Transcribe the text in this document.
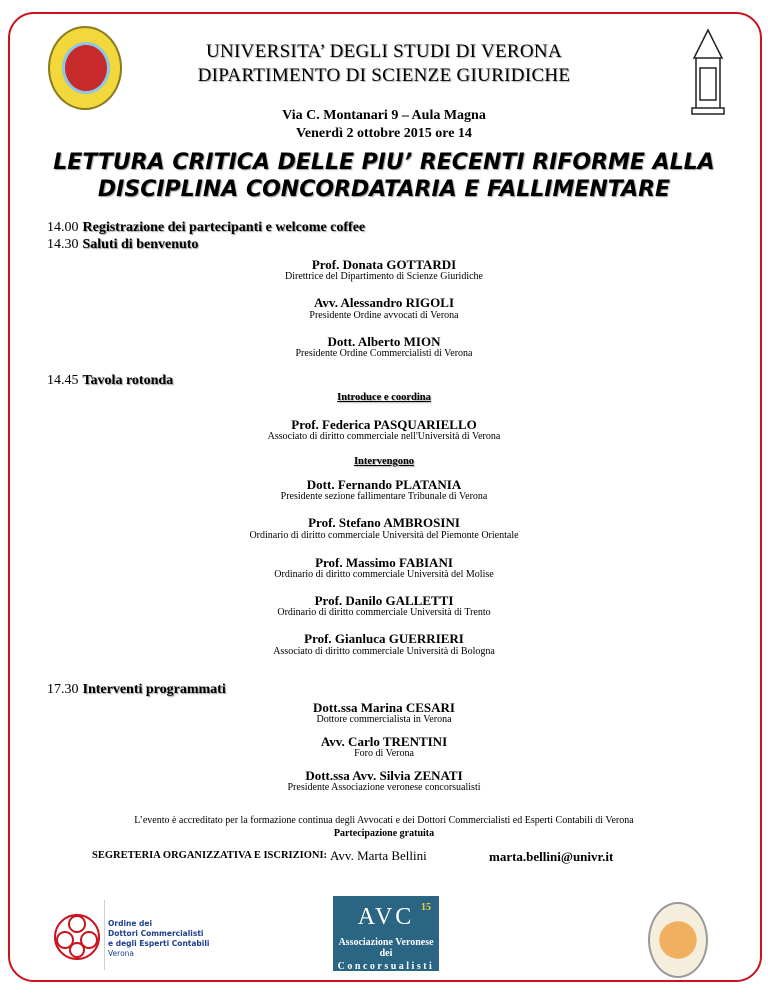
UNIVERSITA’ DEGLI STUDI DI VERONA
DIPARTIMENTO DI SCIENZE GIURIDICHE
Via C. Montanari 9 – Aula Magna
Venerdì 2 ottobre 2015 ore 14
LETTURA CRITICA DELLE PIU’ RECENTI RIFORME ALLA
DISCIPLINA CONCORDATARIA E FALLIMENTARE
14.00 Registrazione dei partecipanti e welcome coffee
14.30 Saluti di benvenuto
Prof. Donata GOTTARDI
Direttrice del Dipartimento di Scienze Giuridiche
Avv. Alessandro RIGOLI
Presidente Ordine avvocati di Verona
Dott. Alberto MION
Presidente Ordine Commercialisti di Verona
14.45 Tavola rotonda
Introduce e coordina
Prof. Federica PASQUARIELLO
Associato di diritto commerciale nell'Università di Verona
Intervengono
Dott. Fernando PLATANIA
Presidente sezione fallimentare Tribunale di Verona
Prof. Stefano AMBROSINI
Ordinario di diritto commerciale Università del Piemonte Orientale
Prof. Massimo FABIANI
Ordinario di diritto commerciale Università del Molise
Prof. Danilo GALLETTI
Ordinario di diritto commerciale Università di Trento
Prof. Gianluca GUERRIERI
Associato di diritto commerciale Università di Bologna
17.30 Interventi programmati
Dott.ssa Marina CESARI
Dottore commercialista in Verona
Avv. Carlo TRENTINI
Foro di Verona
Dott.ssa Avv. Silvia ZENATI
Presidente Associazione veronese concorsualisti
L’evento è accreditato per la formazione continua degli Avvocati e dei Dottori Commercialisti ed Esperti Contabili di Verona
Partecipazione gratuita
SEGRETERIA ORGANIZZATIVA E ISCRIZIONI: Avv. Marta Bellini	marta.bellini@univr.it
Ordine dei
Dottori Commercialisti
e degli Esperti Contabili
Verona
AVC 15
Associazione Veronese dei
Concorsualisti
